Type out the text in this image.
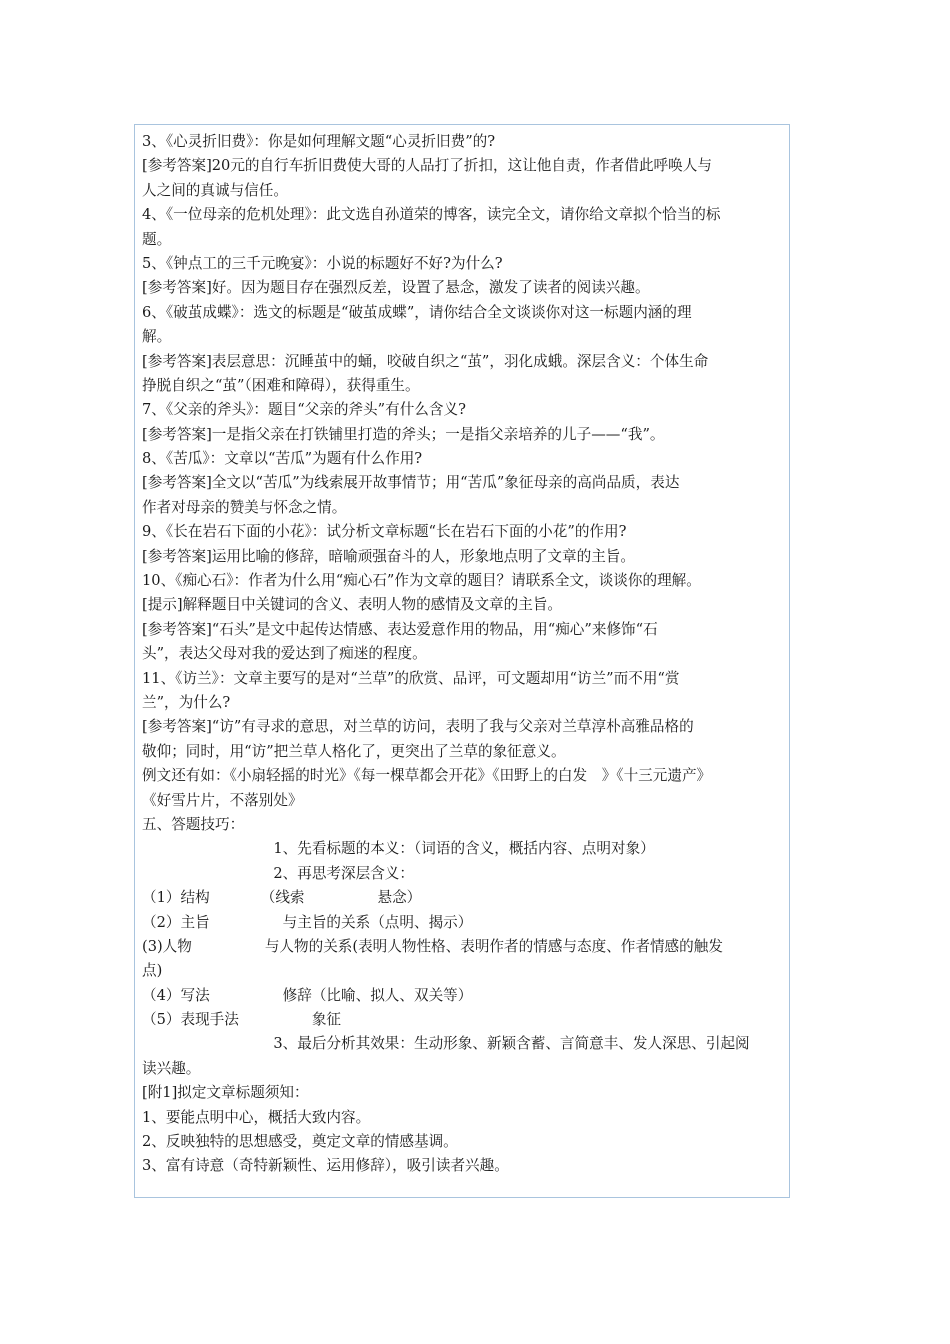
3、《心灵折旧费》：你是如何理解文题“心灵折旧费”的?
[参考答案]20元的自行车折旧费使大哥的人品打了折扣，这让他自责，作者借此呼唤人与
人之间的真诚与信任。
4、《一位母亲的危机处理》：此文选自孙道荣的博客，读完全文，请你给文章拟个恰当的标
题。
5、《钟点工的三千元晚宴》：小说的标题好不好?为什么?
[参考答案]好。因为题目存在强烈反差，设置了悬念，激发了读者的阅读兴趣。
6、《破茧成蝶》：选文的标题是“破茧成蝶”，请你结合全文谈谈你对这一标题内涵的理
解。
[参考答案]表层意思：沉睡茧中的蛹，咬破自织之“茧”，羽化成蛾。深层含义：个体生命
挣脱自织之“茧”（困难和障碍），获得重生。
7、《父亲的斧头》：题目“父亲的斧头”有什么含义?
[参考答案]一是指父亲在打铁铺里打造的斧头；一是指父亲培养的儿子——“我”。
8、《苦瓜》：文章以“苦瓜”为题有什么作用?
[参考答案]全文以“苦瓜”为线索展开故事情节；用“苦瓜”象征母亲的高尚品质，表达
作者对母亲的赞美与怀念之情。
9、《长在岩石下面的小花》：试分析文章标题“长在岩石下面的小花”的作用?
[参考答案]运用比喻的修辞，暗喻顽强奋斗的人，形象地点明了文章的主旨。
10、《痴心石》：作者为什么用“痴心石”作为文章的题目？请联系全文，谈谈你的理解。
[提示]解释题目中关键词的含义、表明人物的感情及文章的主旨。
[参考答案]“石头”是文中起传达情感、表达爱意作用的物品，用“痴心”来修饰“石
头”，表达父母对我的爱达到了痴迷的程度。
11、《访兰》：文章主要写的是对“兰草”的欣赏、品评，可文题却用“访兰”而不用“赏
兰”，为什么?
[参考答案]“访”有寻求的意思，对兰草的访问，表明了我与父亲对兰草淳朴高雅品格的
敬仰；同时，用“访”把兰草人格化了，更突出了兰草的象征意义。
例文还有如：《小扇轻摇的时光》《每一棵草都会开花》《田野上的白发　》《十三元遗产》
《好雪片片，不落别处》
五、答题技巧：
　　　　　　　　　1、先看标题的本义：（词语的含义，概括内容、点明对象）
　　　　　　　　　2、再思考深层含义：
（1）结构　　　　（线索　　　　　悬念）
（2）主旨　　　　　与主旨的关系（点明、揭示）
(3)人物　　　　　与人物的关系(表明人物性格、表明作者的情感与态度、作者情感的触发
点)
（4）写法　　　　　修辞（比喻、拟人、双关等）
（5）表现手法　　　　　象征
　　　　　　　　　3、最后分析其效果：生动形象、新颖含蓄、言简意丰、发人深思、引起阅
读兴趣。
[附1]拟定文章标题须知：
1、要能点明中心，概括大致内容。
2、反映独特的思想感受，奠定文章的情感基调。
3、富有诗意（奇特新颖性、运用修辞），吸引读者兴趣。
